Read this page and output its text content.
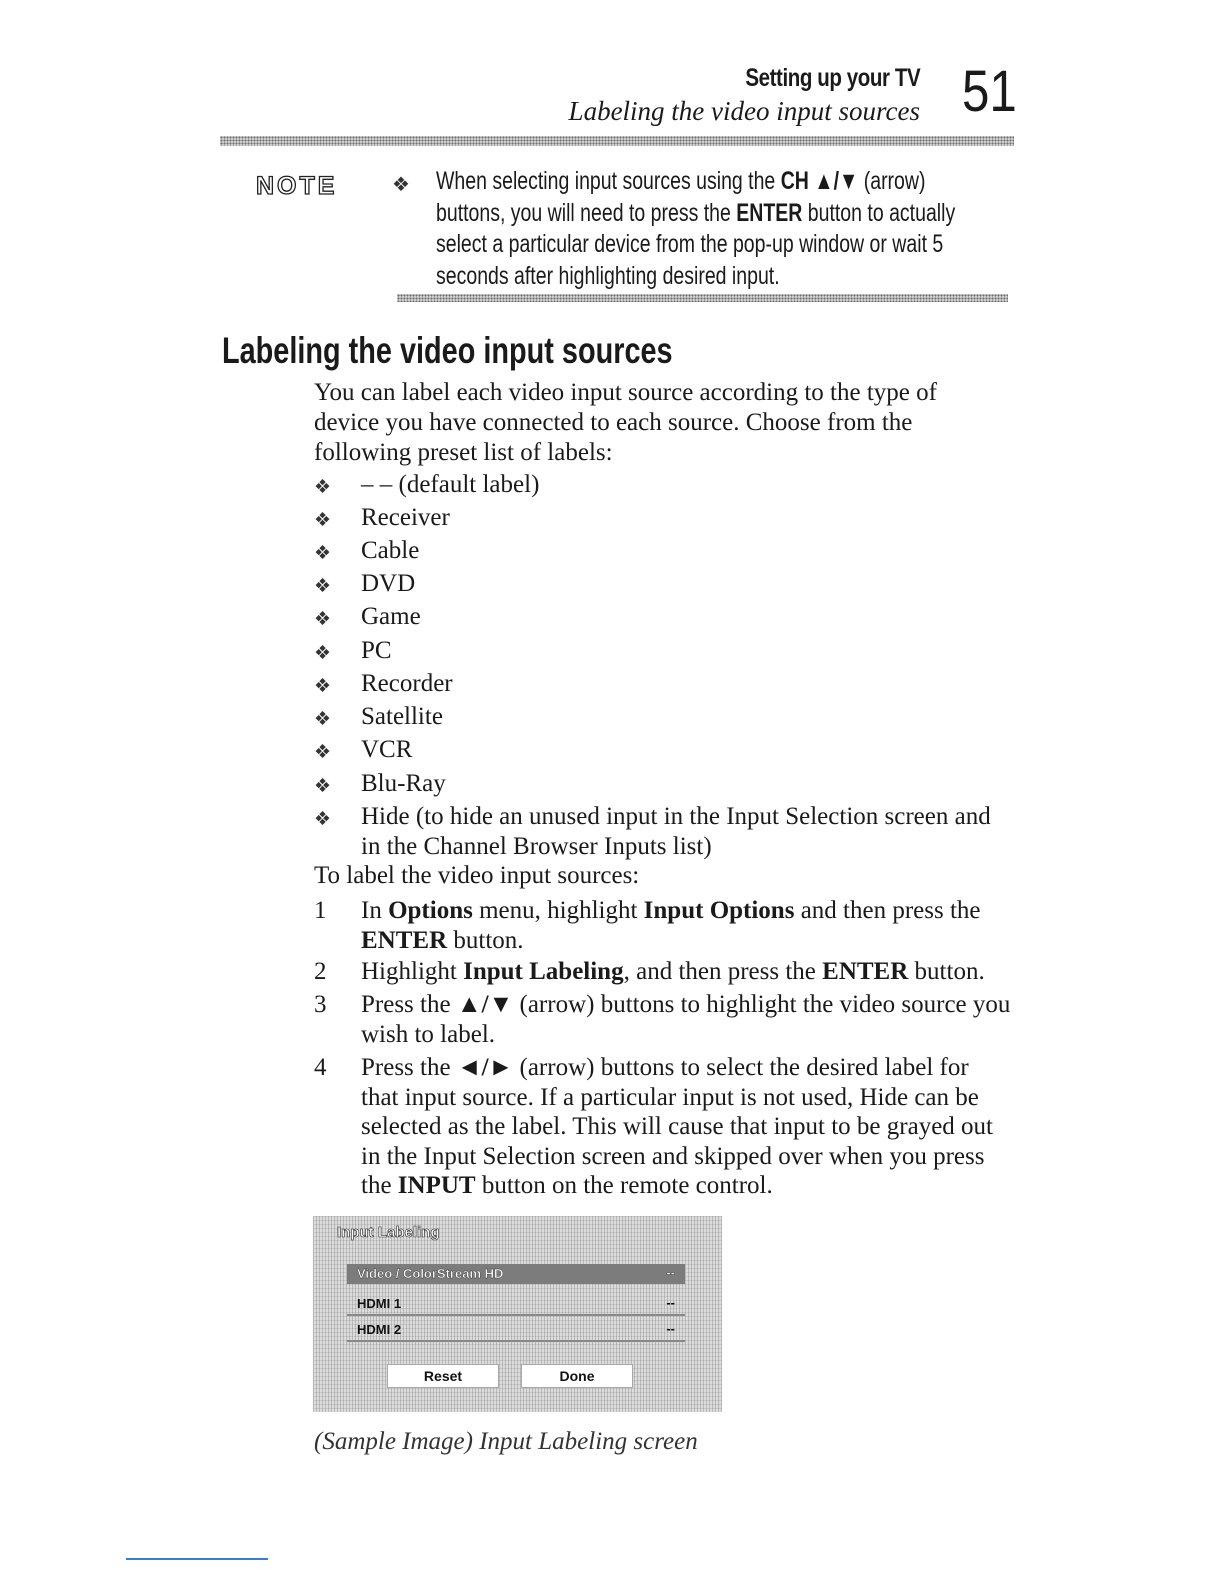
Setting up your TV
Labeling the video input sources 51
NOTE	❖ When selecting input sources using the CH ▲/▼ (arrow)
buttons, you will need to press the ENTER button to actually
select a particular device from the pop-up window or wait 5
seconds after highlighting desired input.
Labeling the video input sources
You can label each video input source according to the type of device you have connected to each source. Choose from the following preset list of labels:
❖ – – (default label)
❖ Receiver
❖ Cable
❖ DVD
❖ Game
❖ PC
❖ Recorder
❖ Satellite
❖ VCR
❖ Blu-Ray
❖ Hide (to hide an unused input in the Input Selection screen and in the Channel Browser Inputs list)
To label the video input sources:
1 In Options menu, highlight Input Options and then press the ENTER button.
2 Highlight Input Labeling, and then press the ENTER button.
3 Press the ▲/▼ (arrow) buttons to highlight the video source you wish to label.
4 Press the ◄/► (arrow) buttons to select the desired label for that input source. If a particular input is not used, Hide can be selected as the label. This will cause that input to be grayed out in the Input Selection screen and skipped over when you press the INPUT button on the remote control.
Input Labeling
Video / ColorStream HD	--
HDMI 1	--
HDMI 2	--
Reset	Done
(Sample Image) Input Labeling screen
